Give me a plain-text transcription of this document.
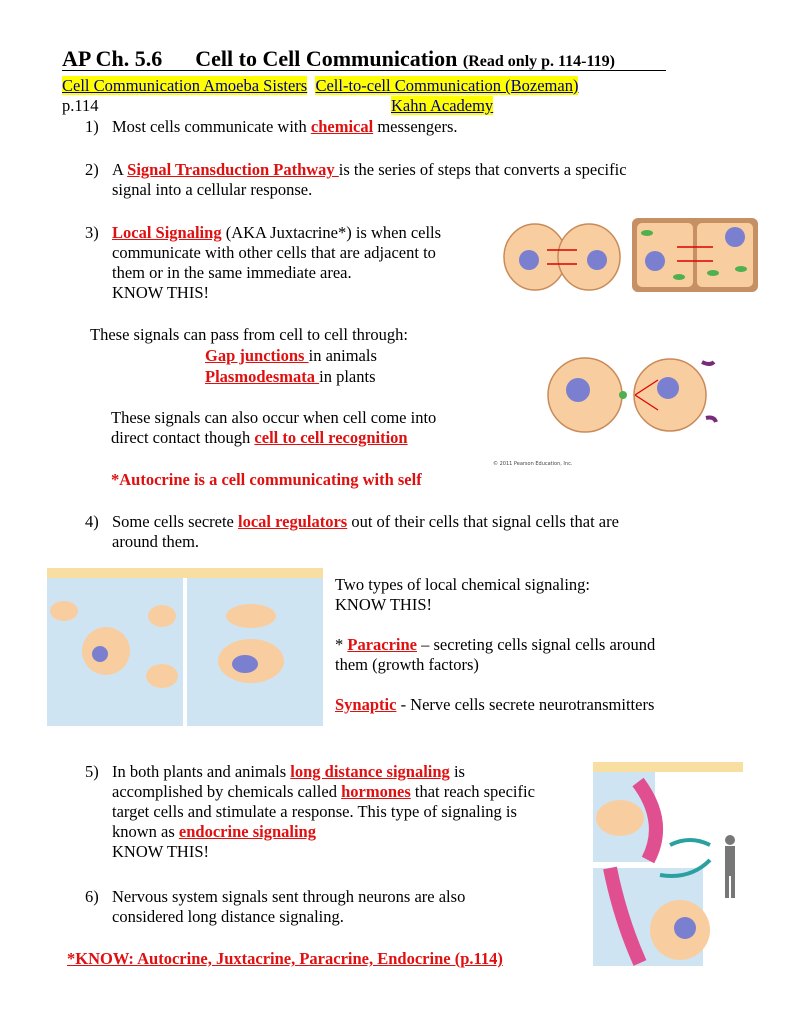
AP Ch. 5.6 Cell to Cell Communication (Read only p. 114-119)
Cell Communication Amoeba Sisters Cell-to-cell Communication (Bozeman)
p.114	Kahn Academy
1) Most cells communicate with chemical messengers.
2) A Signal Transduction Pathway is the series of steps that converts a specific
signal into a cellular response.
3) Local Signaling (AKA Juxtacrine*) is when cells
communicate with other cells that are adjacent to
them or in the same immediate area.
KNOW THIS!
These signals can pass from cell to cell through:
Gap junctions in animals
Plasmodesmata in plants
These signals can also occur when cell come into
direct contact though cell to cell recognition
*Autocrine is a cell communicating with self
4) Some cells secrete local regulators out of their cells that signal cells that are
around them.
Two types of local chemical signaling:
KNOW THIS!

* Paracrine – secreting cells signal cells around
them (growth factors)

Synaptic - Nerve cells secrete neurotransmitters
5) In both plants and animals long distance signaling is
accomplished by chemicals called hormones that reach specific
target cells and stimulate a response. This type of signaling is
known as endocrine signaling
KNOW THIS!
6) Nervous system signals sent through neurons are also
considered long distance signaling.
*KNOW: Autocrine, Juxtacrine, Paracrine, Endocrine (p.114)
© 2011 Pearson Education, Inc.
